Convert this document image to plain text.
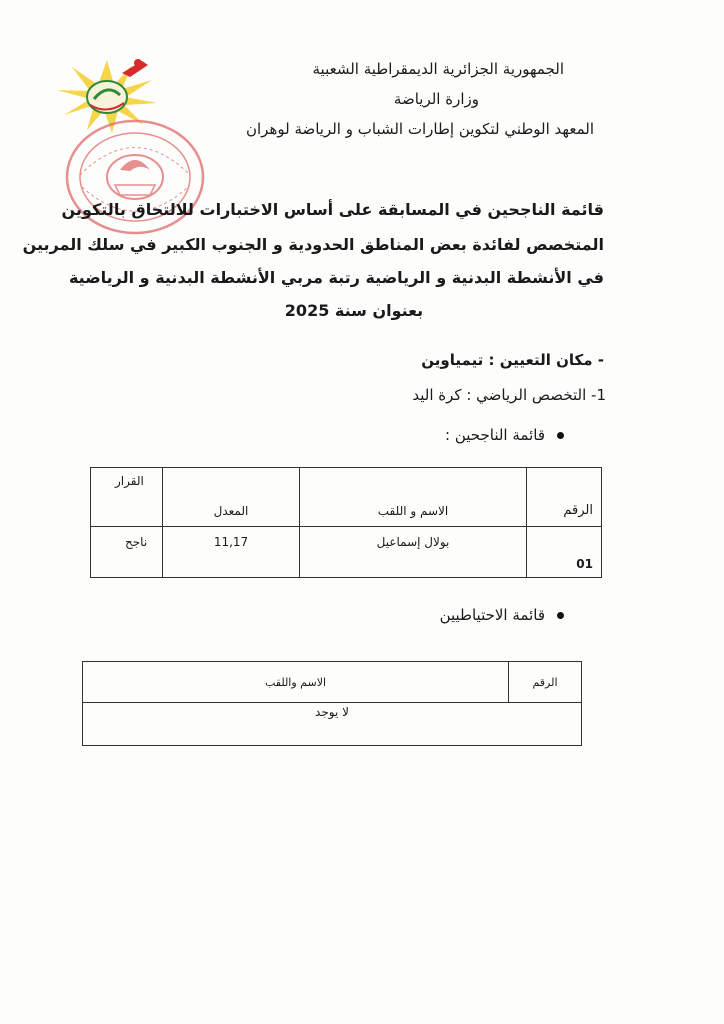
الجمهورية الجزائرية الديمقراطية الشعبية
وزارة الرياضة
المعهد الوطني لتكوين إطارات الشباب و الرياضة لوهران
قائمة الناجحين في المسابقة على أساس الاختبارات للالتحاق بالتكوين
المتخصص لفائدة بعض المناطق الحدودية و الجنوب الكبير في سلك المربين
في الأنشطة البدنية و الرياضية رتبة مربي الأنشطة البدنية و الرياضية
بعنوان سنة 2025
- مكان التعيين : تيمياوين
1- التخصص الرياضي : كرة اليد
قائمة الناجحين :
الرقم	الاسم و اللقب	المعدل	القرار
01	بولال إسماعيل	11,17	ناجح
قائمة الاحتياطيين
الرقم	الاسم واللقب
لا يوجد
